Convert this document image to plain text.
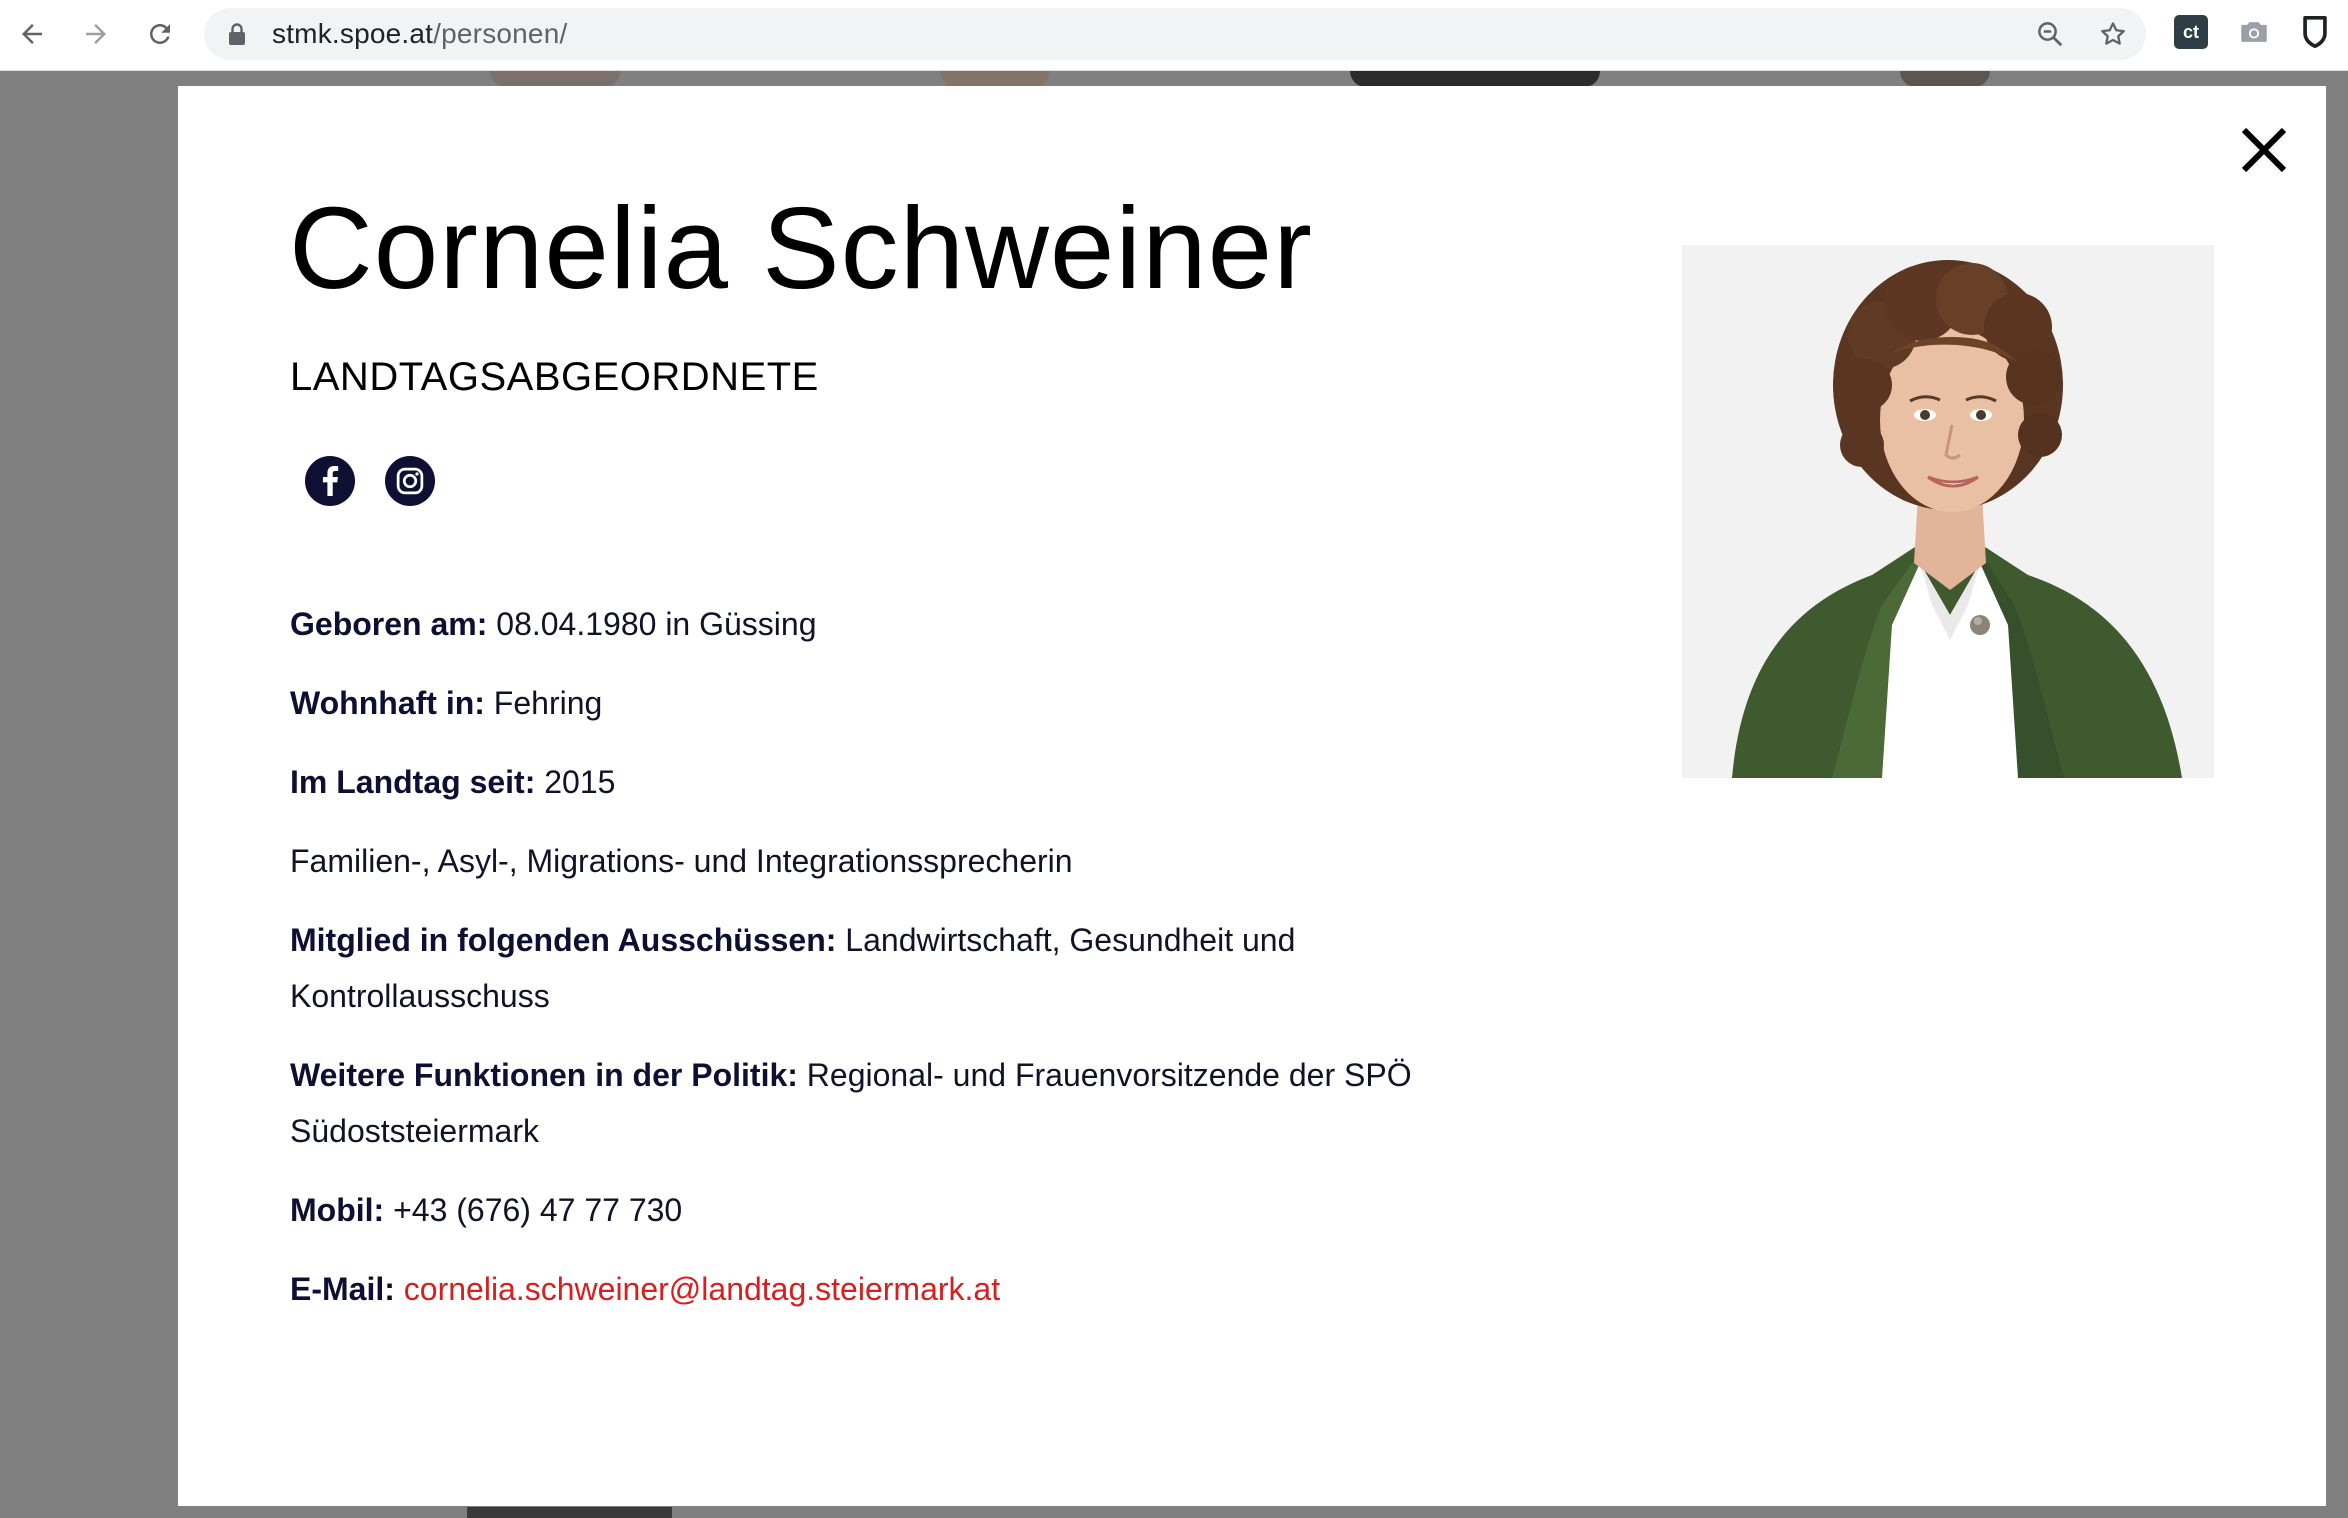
stmk.spoe.at/personen/	ct
Cornelia Schweiner
LANDTAGSABGEORDNETE

Geboren am: 08.04.1980 in Güssing

Wohnhaft in: Fehring

Im Landtag seit: 2015

Familien-, Asyl-, Migrations- und Integrationssprecherin

Mitglied in folgenden Ausschüssen: Landwirtschaft, Gesundheit und Kontrollausschuss

Weitere Funktionen in der Politik: Regional- und Frauenvorsitzende der SPÖ Südoststeiermark

Mobil: +43 (676) 47 77 730

E-Mail: cornelia.schweiner@landtag.steiermark.at
